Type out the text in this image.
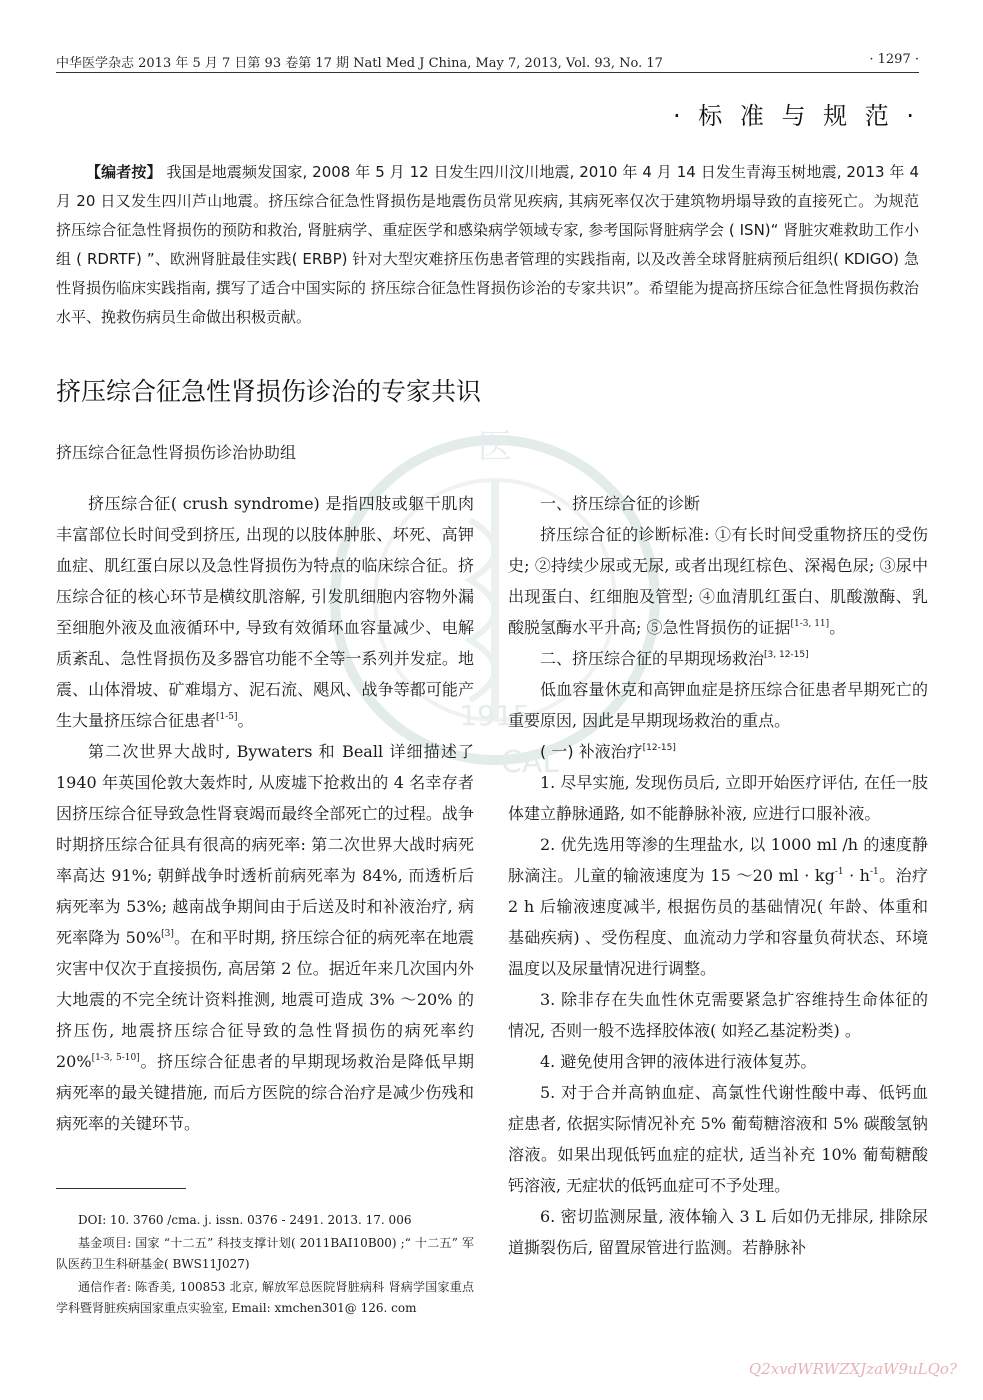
中华医学杂志 2013 年 5 月 7 日第 93 卷第 17 期 Natl Med J China, May 7, 2013, Vol. 93, No. 17	· 1297 ·
· 标 准 与 规 范 ·
医
1915
CAL
【编者按】 我国是地震频发国家, 2008 年 5 月 12 日发生四川汶川地震, 2010 年 4 月 14 日发生青海玉树地震, 2013 年 4 月 20 日又发生四川芦山地震。挤压综合征急性肾损伤是地震伤员常见疾病, 其病死率仅次于建筑物坍塌导致的直接死亡。为规范挤压综合征急性肾损伤的预防和救治, 肾脏病学、重症医学和感染病学领域专家, 参考国际肾脏病学会 ( ISN)“ 肾脏灾难救助工作小组 ( RDRTF) ”、欧洲肾脏最佳实践( ERBP) 针对大型灾难挤压伤患者管理的实践指南, 以及改善全球肾脏病预后组织( KDIGO) 急性肾损伤临床实践指南, 撰写了适合中国实际的 挤压综合征急性肾损伤诊治的专家共识”。希望能为提高挤压综合征急性肾损伤救治水平、挽救伤病员生命做出积极贡献。
挤压综合征急性肾损伤诊治的专家共识
挤压综合征急性肾损伤诊治协助组

挤压综合征( crush syndrome) 是指四肢或躯干肌肉丰富部位长时间受到挤压, 出现的以肢体肿胀、坏死、高钾血症、肌红蛋白尿以及急性肾损伤为特点的临床综合征。挤压综合征的核心环节是横纹肌溶解, 引发肌细胞内容物外漏至细胞外液及血液循环中, 导致有效循环血容量减少、电解质紊乱、急性肾损伤及多器官功能不全等一系列并发症。地震、山体滑坡、矿难塌方、泥石流、飓风、战争等都可能产生大量挤压综合征患者[1-5]。

第二次世界大战时, Bywaters 和 Beall 详细描述了 1940 年英国伦敦大轰炸时, 从废墟下抢救出的 4 名幸存者因挤压综合征导致急性肾衰竭而最终全部死亡的过程。战争时期挤压综合征具有很高的病死率: 第二次世界大战时病死率高达 91%; 朝鲜战争时透析前病死率为 84%, 而透析后病死率为 53%; 越南战争期间由于后送及时和补液治疗, 病死率降为 50%[3]。在和平时期, 挤压综合征的病死率在地震灾害中仅次于直接损伤, 高居第 2 位。据近年来几次国内外大地震的不完全统计资料推测, 地震可造成 3% ～20% 的挤压伤, 地震挤压综合征导致的急性肾损伤的病死率约 20%[1-3, 5-10]。挤压综合征患者的早期现场救治是降低早期病死率的最关键措施, 而后方医院的综合治疗是减少伤残和病死率的关键环节。

DOI: 10. 3760 /cma. j. issn. 0376 - 2491. 2013. 17. 006

基金项目: 国家 “十二五” 科技支撑计划( 2011BAI10B00) ;“ 十二五” 军队医药卫生科研基金( BWS11J027)

通信作者: 陈香美, 100853 北京, 解放军总医院肾脏病科 肾病学国家重点学科暨肾脏疾病国家重点实验室, Email: xmchen301@ 126. com

一、挤压综合征的诊断

挤压综合征的诊断标准: ①有长时间受重物挤压的受伤史; ②持续少尿或无尿, 或者出现红棕色、深褐色尿; ③尿中出现蛋白、红细胞及管型; ④血清肌红蛋白、肌酸激酶、乳酸脱氢酶水平升高; ⑤急性肾损伤的证据[1-3, 11]。

二、挤压综合征的早期现场救治[3, 12-15]

低血容量休克和高钾血症是挤压综合征患者早期死亡的重要原因, 因此是早期现场救治的重点。

( 一) 补液治疗[12-15]

1. 尽早实施, 发现伤员后, 立即开始医疗评估, 在任一肢体建立静脉通路, 如不能静脉补液, 应进行口服补液。

2. 优先选用等渗的生理盐水, 以 1000 ml /h 的速度静脉滴注。儿童的输液速度为 15 ～20 ml · $kg^{-1} \cdot h^{-1}$。治疗 2 h 后输液速度减半, 根据伤员的基础情况( 年龄、体重和基础疾病) 、受伤程度、血流动力学和容量负荷状态、环境温度以及尿量情况进行调整。

3. 除非存在失血性休克需要紧急扩容维持生命体征的情况, 否则一般不选择胶体液( 如羟乙基淀粉类) 。

4. 避免使用含钾的液体进行液体复苏。

5. 对于合并高钠血症、高氯性代谢性酸中毒、低钙血症患者, 依据实际情况补充 5% 葡萄糖溶液和 5% 碳酸氢钠溶液。如果出现低钙血症的症状, 适当补充 10% 葡萄糖酸钙溶液, 无症状的低钙血症可不予处理。

6. 密切监测尿量, 液体输入 3 L 后如仍无排尿, 排除尿道撕裂伤后, 留置尿管进行监测。若静脉补

Q2xvdWRWZXJzaW9uLQo?
